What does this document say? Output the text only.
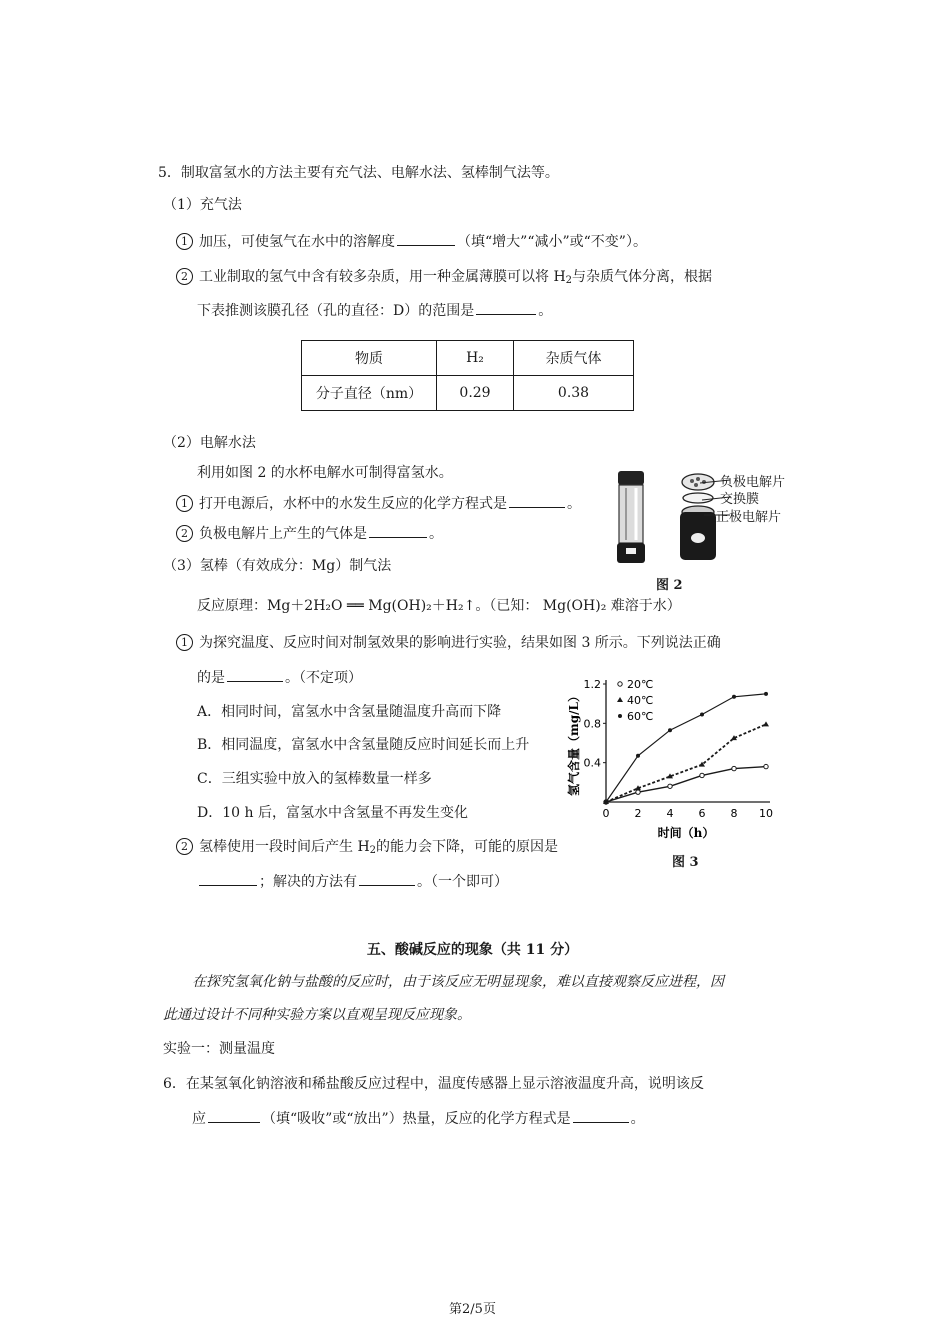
5．制取富氢水的方法主要有充气法、电解水法、氢棒制气法等。
（1）充气法
1 加压，可使氢气在水中的溶解度	（填“增大”“减小”或“不变”）。
2 工业制取的氢气中含有较多杂质，用一种金属薄膜可以将 $H_2$与杂质气体分离，根据
下表推测该膜孔径（孔的直径：D）的范围是	。
物质	H₂	杂质气体
分子直径（nm）	0.29	0.38
（2）电解水法
利用如图 2 的水杯电解水可制得富氢水。
1 打开电源后，水杯中的水发生反应的化学方程式是	。
2 负极电解片上产生的气体是	。
负极电解片
交换膜
正极电解片
图 2
（3）氢棒（有效成分：Mg）制气法
反应原理：Mg＋2H₂O ══ Mg(OH)₂＋H₂↑。（已知： Mg(OH)₂ 难溶于水）
1 为探究温度、反应时间对制氢效果的影响进行实验，结果如图 3 所示。下列说法正确
的是	。（不定项）
A．相同时间，富氢水中含氢量随温度升高而下降
B．相同温度，富氢水中含氢量随反应时间延长而上升
C．三组实验中放入的氢棒数量一样多
D．10 h 后，富氢水中含氢量不再发生变化
2 氢棒使用一段时间后产生 $H_2$的能力会下降，可能的原因是
；解决的方法有	。（一个即可）
0 2 4 6 8 10
0.4
0.8
1.2
时间（h）
氢气含量（mg/L）
20℃
40℃
60℃
图 3
五、酸碱反应的现象（共 11 分）
在探究氢氧化钠与盐酸的反应时，由于该反应无明显现象，难以直接观察反应进程，因
此通过设计不同种实验方案以直观呈现反应现象。
实验一：测量温度
6．在某氢氧化钠溶液和稀盐酸反应过程中，温度传感器上显示溶液温度升高，说明该反
应	（填“吸收”或“放出”）热量，反应的化学方程式是	。
第2/5页
